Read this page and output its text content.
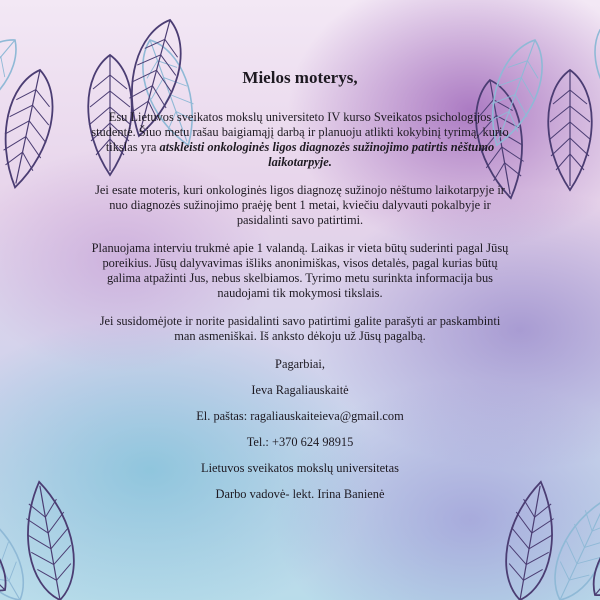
Mielos moterys,

Esu Lietuvos sveikatos mokslų universiteto IV kurso Sveikatos psichologijos studentė. Šiuo metu rašau baigiamąjį darbą ir planuoju atlikti kokybinį tyrimą, kurio tikslas yra atskleisti onkologinės ligos diagnozės sužinojimo patirtis nėštumo laikotarpyje.

Jei esate moteris, kuri onkologinės ligos diagnozę sužinojo nėštumo laikotarpyje ir nuo diagnozės sužinojimo praėję bent 1 metai, kviečiu dalyvauti pokalbyje ir pasidalinti savo patirtimi.

Planuojama interviu trukmė apie 1 valandą. Laikas ir vieta būtų suderinti pagal Jūsų poreikius. Jūsų dalyvavimas išliks anonimiškas, visos detalės, pagal kurias būtų galima atpažinti Jus, nebus skelbiamos. Tyrimo metu surinkta informacija bus naudojami tik mokymosi tikslais.

Jei susidomėjote ir norite pasidalinti savo patirtimi galite parašyti ar paskambinti man asmeniškai. Iš anksto dėkoju už Jūsų pagalbą.

Pagarbiai,
Ieva Ragaliauskaitė
El. paštas: ragaliauskaiteieva@gmail.com
Tel.: +370 624 98915
Lietuvos sveikatos mokslų universitetas
Darbo vadovė- lekt. Irina Banienė
